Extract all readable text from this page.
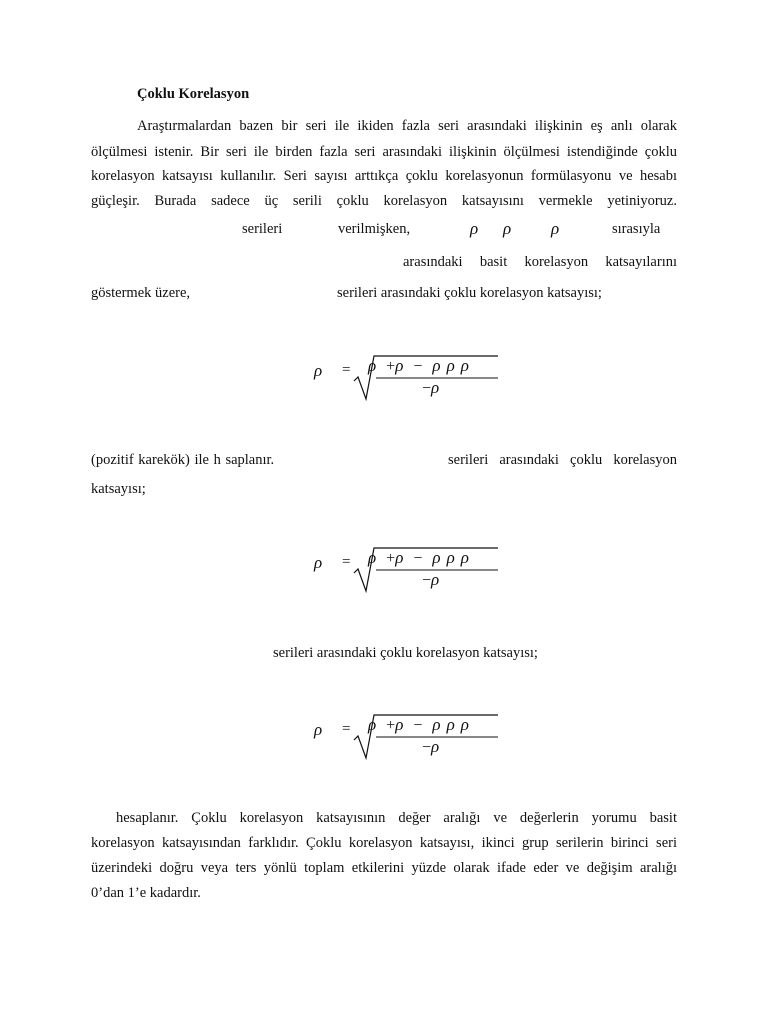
Çoklu Korelasyon
Araştırmalardan bazen bir seri ile ikiden fazla seri arasındaki ilişkinin eş anlı olarak
ölçülmesi istenir. Bir seri ile birden fazla seri arasındaki ilişkinin ölçülmesi istendiğinde çoklu
korelasyon katsayısı kullanılır. Seri sayısı arttıkça çoklu korelasyonun formülasyonu ve hesabı
güçleşir. Burada sadece üç serili çoklu korelasyon katsayısını vermekle yetiniyoruz.
serileri	verilmişken,	ρ ρ ρ	sırasıyla
arasındaki basit korelasyon katsayılarını
göstermek üzere,	serileri arasındaki çoklu korelasyon katsayısı;
ρ = ρ +ρ − ρ ρ ρ
−ρ
(pozitif karekök) ile h saplanır.	serileri arasındaki çoklu korelasyon
katsayısı;
ρ = ρ +ρ − ρ ρ ρ
−ρ
serileri arasındaki çoklu korelasyon katsayısı;
ρ = ρ +ρ − ρ ρ ρ
−ρ
hesaplanır. Çoklu korelasyon katsayısının değer aralığı ve değerlerin yorumu basit
korelasyon katsayısından farklıdır. Çoklu korelasyon katsayısı, ikinci grup serilerin birinci seri
üzerindeki doğru veya ters yönlü toplam etkilerini yüzde olarak ifade eder ve değişim aralığı
0’dan 1’e kadardır.
